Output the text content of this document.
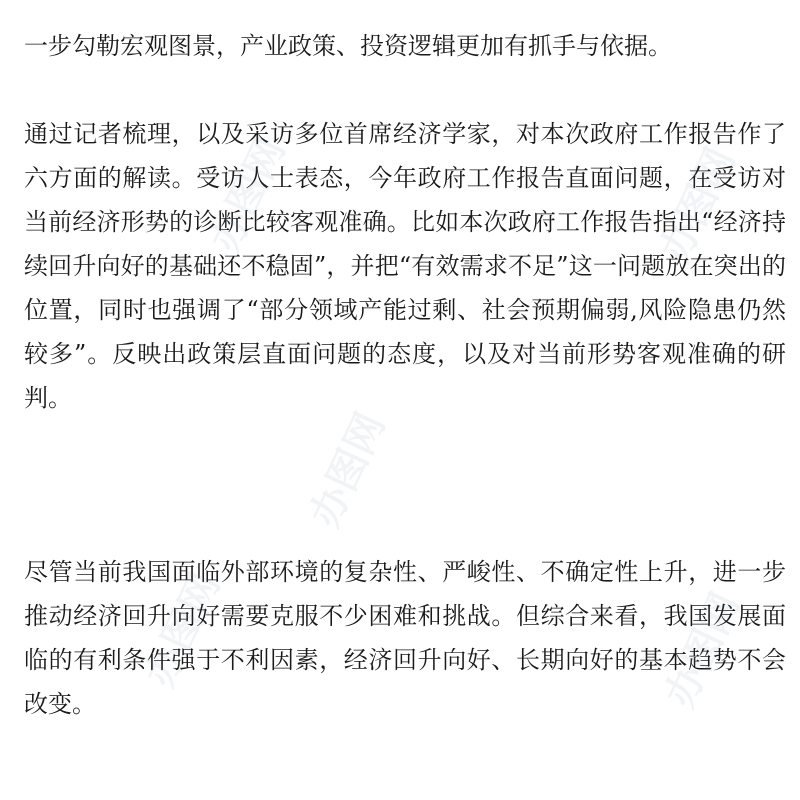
一步勾勒宏观图景，产业政策、投资逻辑更加有抓手与依据。

通过记者梳理，以及采访多位首席经济学家，对本次政府工作报告作了六方面的解读。受访人士表态，今年政府工作报告直面问题，在受访对当前经济形势的诊断比较客观准确。比如本次政府工作报告指出“经济持续回升向好的基础还不稳固”，并把“有效需求不足”这一问题放在突出的位置，同时也强调了“部分领域产能过剩、社会预期偏弱,风险隐患仍然较多”。反映出政策层直面问题的态度，以及对当前形势客观准确的研判。

尽管当前我国面临外部环境的复杂性、严峻性、不确定性上升，进一步推动经济回升向好需要克服不少困难和挑战。但综合来看，我国发展面临的有利条件强于不利因素，经济回升向好、长期向好的基本趋势不会改变。

办图网	办图网
办图网
办图网	办图网
